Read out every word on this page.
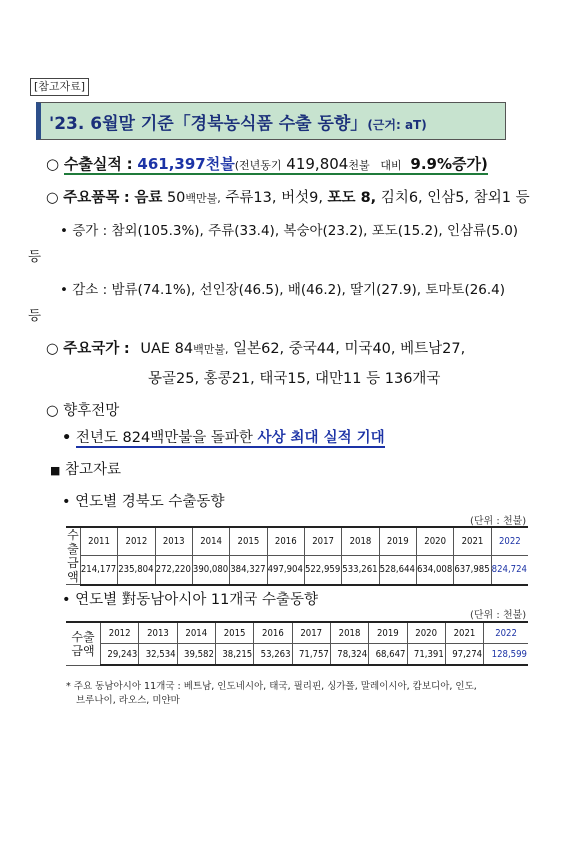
[참고자료]
'23. 6월말 기준「경북농식품 수출 동향」(근거: aT)
○ 수출실적 : 461,397천불(전년동기 419,804천불 대비 9.9%증가)
○ 주요품목 : 음료 50백만불, 주류13, 버섯9, 포도 8, 김치6, 인삼5, 참외1 등
• 증가 : 참외(105.3%), 주류(33.4), 복숭아(23.2), 포도(15.2), 인삼류(5.0)
등
• 감소 : 밤류(74.1%), 선인장(46.5), 배(46.2), 딸기(27.9), 토마토(26.4)
등
○ 주요국가 : UAE 84백만불, 일본62, 중국44, 미국40, 베트남27,
몽골25, 홍콩21, 태국15, 대만11 등 136개국
○ 향후전망
• 전년도 824백만불을 돌파한 사상 최대 실적 기대
■ 참고자료
• 연도별 경북도 수출동향
(단위 : 천불)
수출
금액	2011	2012	2013	2014	2015	2016	2017	2018	2019	2020	2021	2022
	214,177	235,804	272,220	390,080	384,327	497,904	522,959	533,261	528,644	634,008	637,985	824,724
• 연도별 對동남아시아 11개국 수출동향
(단위 : 천불)
수출
금액	2012	2013	2014	2015	2016	2017	2018	2019	2020	2021	2022
	29,243	32,534	39,582	38,215	53,263	71,757	78,324	68,647	71,391	97,274	128,599
* 주요 동남아시아 11개국 : 베트남, 인도네시아, 태국, 필리핀, 싱가폴, 말레이시아, 캄보디아, 인도,
브루나이, 라오스, 미얀마
